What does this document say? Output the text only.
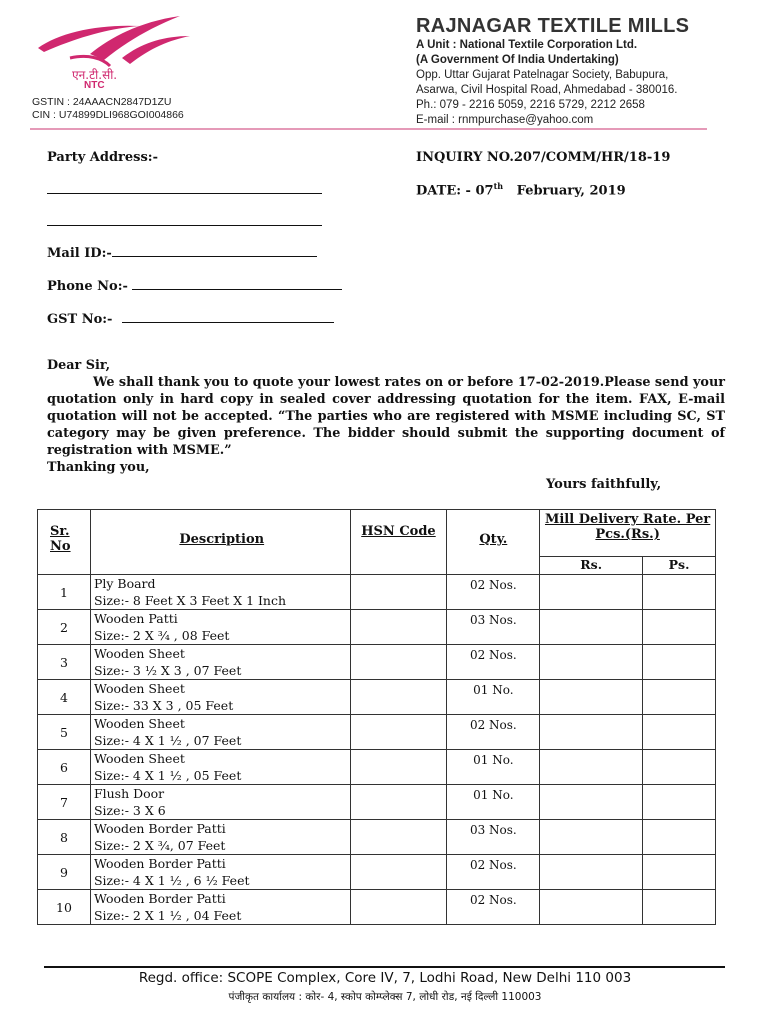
एन.टी.सी.
NTC
GSTIN : 24AAACN2847D1ZU
CIN : U74899DLI968GOI004866
RAJNAGAR TEXTILE MILLS
A Unit : National Textile Corporation Ltd.
(A Government Of India Undertaking)
Opp. Uttar Gujarat Patelnagar Society, Babupura,
Asarwa, Civil Hospital Road, Ahmedabad - 380016.
Ph.: 079 - 2216 5059, 2216 5729, 2212 2658
E-mail : rnmpurchase@yahoo.com
Party Address:-
Mail ID:-
Phone No:-
GST No:-
INQUIRY NO.207/COMM/HR/18-19
DATE: - 07th February, 2019

Dear Sir,

We shall thank you to quote your lowest rates on or before 17-02-2019.Please send your quotation only in hard copy in sealed cover addressing quotation for the item. FAX, E-mail quotation will not be accepted. “The parties who are registered with MSME including SC, ST category may be given preference. The bidder should submit the supporting document of registration with MSME.”

Thanking you,

Yours faithfully,
Sr. No	Description	HSN Code	Qty.	Mill Delivery Rate. Per Pcs.(Rs.)	
				Rs.	Ps.
1	Ply Board
Size:- 8 Feet X 3 Feet X 1 Inch		02 Nos.		

2	Wooden Patti
Size:- 2 X ¾ , 08 Feet		03 Nos.		

3	Wooden Sheet
Size:- 3 ½ X 3 , 07 Feet		02 Nos.		

4	Wooden Sheet
Size:- 33 X 3 , 05 Feet		01 No.		

5	Wooden Sheet
Size:- 4 X 1 ½ , 07 Feet		02 Nos.		

6	Wooden Sheet
Size:- 4 X 1 ½ , 05 Feet		01 No.		

7	Flush Door
Size:- 3 X 6		01 No.		

8	Wooden Border Patti
Size:- 2 X ¾, 07 Feet		03 Nos.		

9	Wooden Border Patti
Size:- 4 X 1 ½ , 6 ½ Feet		02 Nos.		

10	Wooden Border Patti
Size:- 2 X 1 ½ , 04 Feet		02 Nos.		

Regd. office: SCOPE Complex, Core IV, 7, Lodhi Road, New Delhi 110 003
पंजीकृत कार्यालय : कोर- 4, स्कोप कोम्प्लेक्स 7, लोधी रोड, नई दिल्ली 110003
